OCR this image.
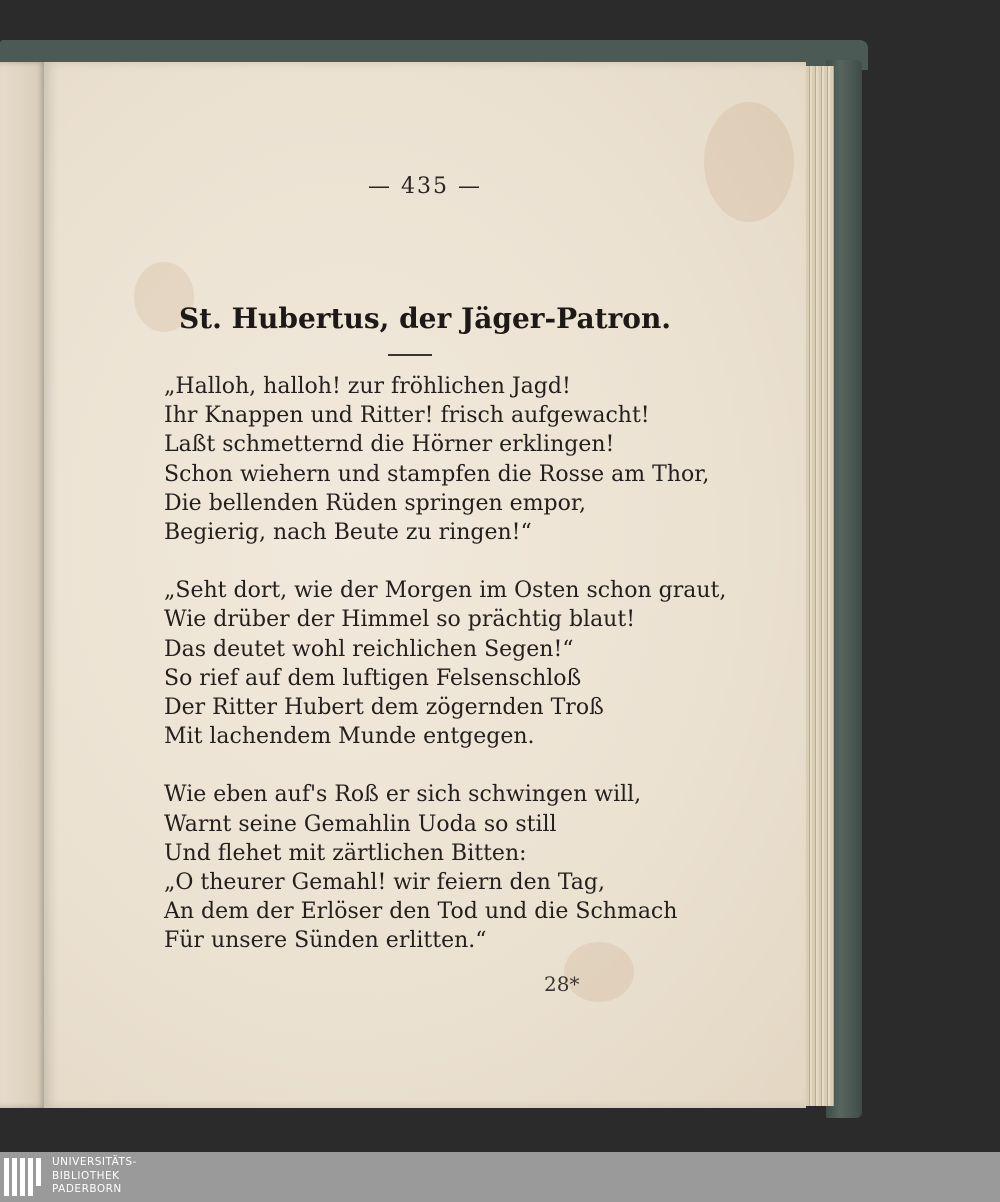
— 435 —
St. Hubertus, der Jäger-Patron.
„Halloh, halloh! zur fröhlichen Jagd!
Ihr Knappen und Ritter! frisch aufgewacht!
Laßt schmetternd die Hörner erklingen!
Schon wiehern und stampfen die Rosse am Thor,
Die bellenden Rüden springen empor,
Begierig, nach Beute zu ringen!“
„Seht dort, wie der Morgen im Osten schon graut,
Wie drüber der Himmel so prächtig blaut!
Das deutet wohl reichlichen Segen!“
So rief auf dem luftigen Felsenschloß
Der Ritter Hubert dem zögernden Troß
Mit lachendem Munde entgegen.
Wie eben auf's Roß er sich schwingen will,
Warnt seine Gemahlin Uoda so still
Und flehet mit zärtlichen Bitten:
„O theurer Gemahl! wir feiern den Tag,
An dem der Erlöser den Tod und die Schmach
Für unsere Sünden erlitten.“
28*
UNIVERSITÄTS-
BIBLIOTHEK
PADERBORN
